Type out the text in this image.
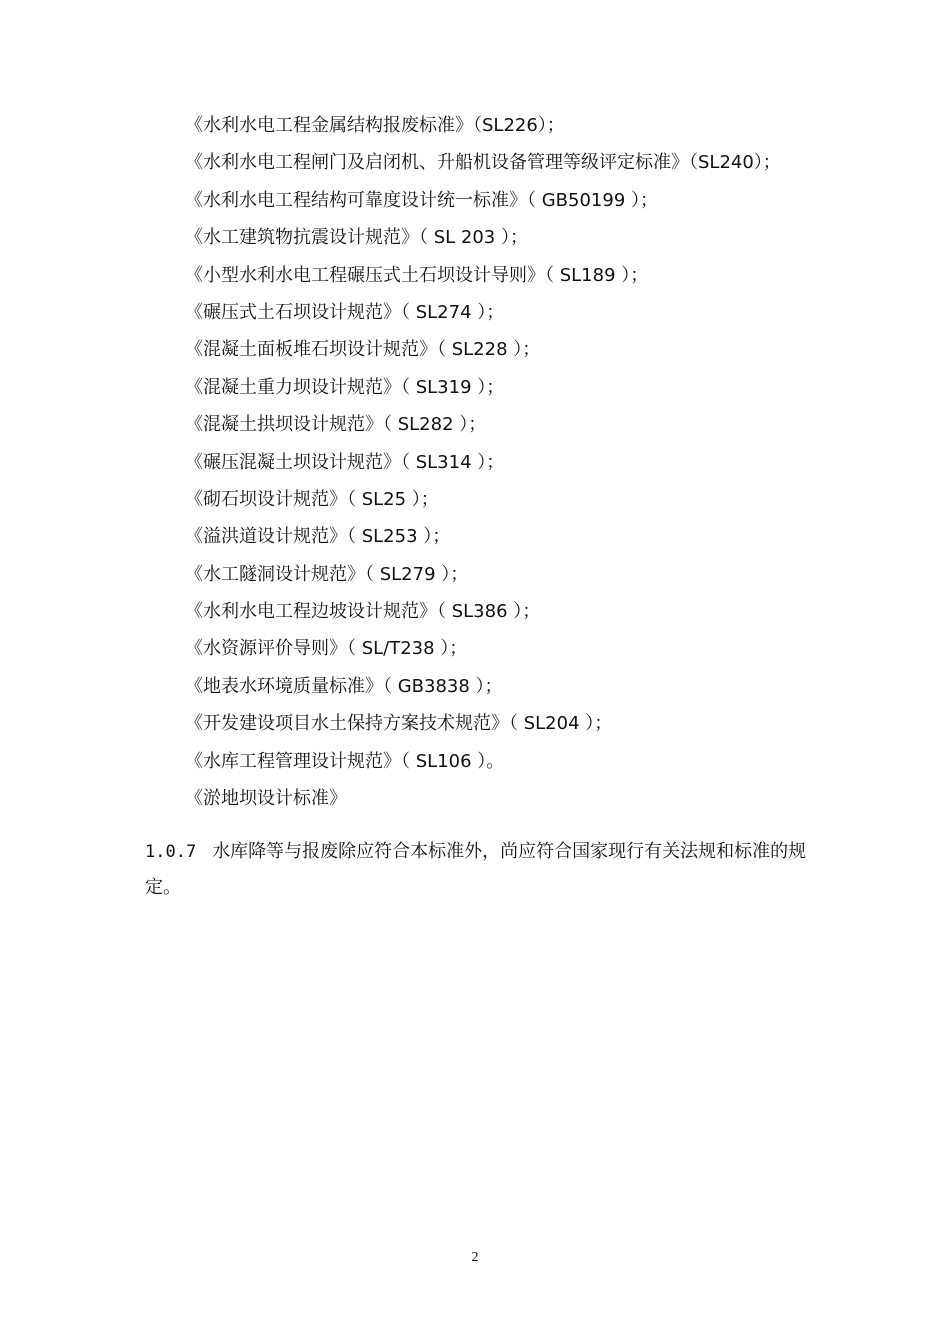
《水利水电工程金属结构报废标准》（SL226）；
《水利水电工程闸门及启闭机、升船机设备管理等级评定标准》（SL240）；
《水利水电工程结构可靠度设计统一标准》（ GB50199 ）；
《水工建筑物抗震设计规范》（ SL 203 ）；
《小型水利水电工程碾压式土石坝设计导则》（ SL189 ）；
《碾压式土石坝设计规范》（ SL274 ）；
《混凝土面板堆石坝设计规范》（ SL228 ）；
《混凝土重力坝设计规范》（ SL319 ）；
《混凝土拱坝设计规范》（ SL282 ）；
《碾压混凝土坝设计规范》（ SL314 ）；
《砌石坝设计规范》（ SL25 ）；
《溢洪道设计规范》（ SL253 ）；
《水工隧洞设计规范》（ SL279 ）；
《水利水电工程边坡设计规范》（ SL386 ）；
《水资源评价导则》（ SL/T238 ）；
《地表水环境质量标准》（ GB3838 ）；
《开发建设项目水土保持方案技术规范》（ SL204 ）；
《水库工程管理设计规范》（ SL106 ）。
《淤地坝设计标准》

1.0.7 水库降等与报废除应符合本标准外，尚应符合国家现行有关法规和标准的规定。

2
